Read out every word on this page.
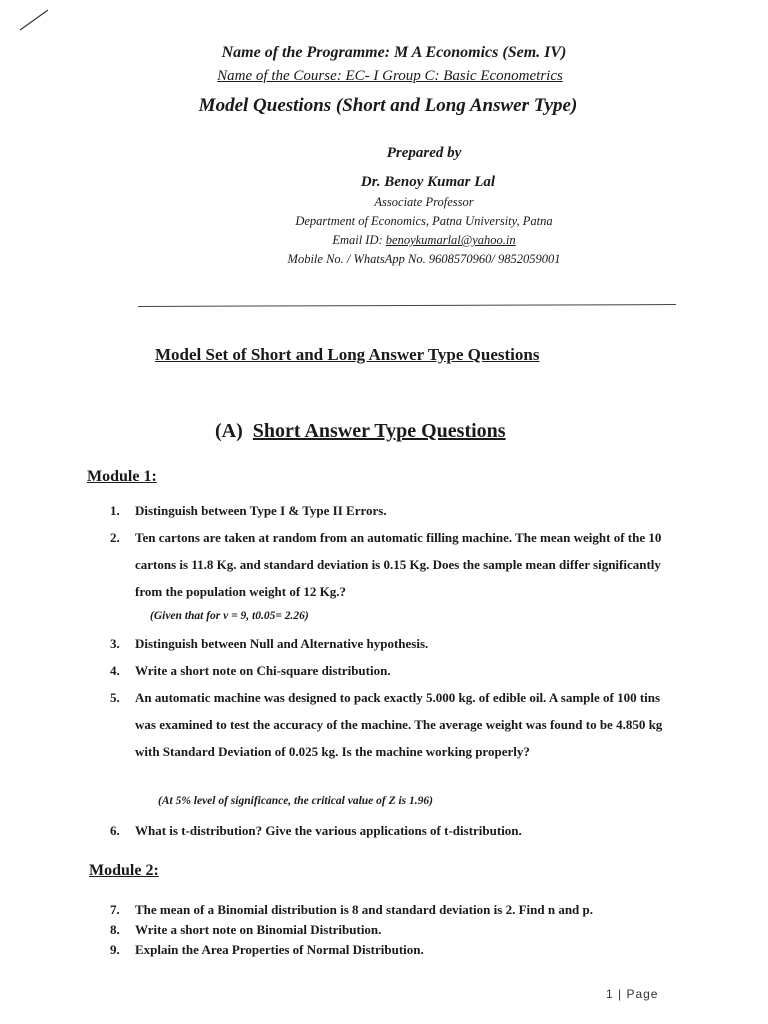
Name of the Programme: M A Economics (Sem. IV)
Name of the Course: EC- I Group C: Basic Econometrics
Model Questions (Short and Long Answer Type)
Prepared by
Dr. Benoy Kumar Lal
Associate Professor
Department of Economics, Patna University, Patna
Email ID: benoykumarlal@yahoo.in
Mobile No. / WhatsApp No. 9608570960/ 9852059001
Model Set of Short and Long Answer Type Questions
(A) Short Answer Type Questions
Module 1:
1. Distinguish between Type I & Type II Errors.
2. Ten cartons are taken at random from an automatic filling machine. The mean weight of the 10 cartons is 11.8 Kg. and standard deviation is 0.15 Kg. Does the sample mean differ significantly from the population weight of 12 Kg.?
(Given that for v = 9, t0.05= 2.26)
3. Distinguish between Null and Alternative hypothesis.
4. Write a short note on Chi-square distribution.
5. An automatic machine was designed to pack exactly 5.000 kg. of edible oil. A sample of 100 tins was examined to test the accuracy of the machine. The average weight was found to be 4.850 kg with Standard Deviation of 0.025 kg. Is the machine working properly?
(At 5% level of significance, the critical value of Z is 1.96)
6. What is t-distribution? Give the various applications of t-distribution.
Module 2:
7. The mean of a Binomial distribution is 8 and standard deviation is 2. Find n and p.
8. Write a short note on Binomial Distribution.
9. Explain the Area Properties of Normal Distribution.
1 | Page
